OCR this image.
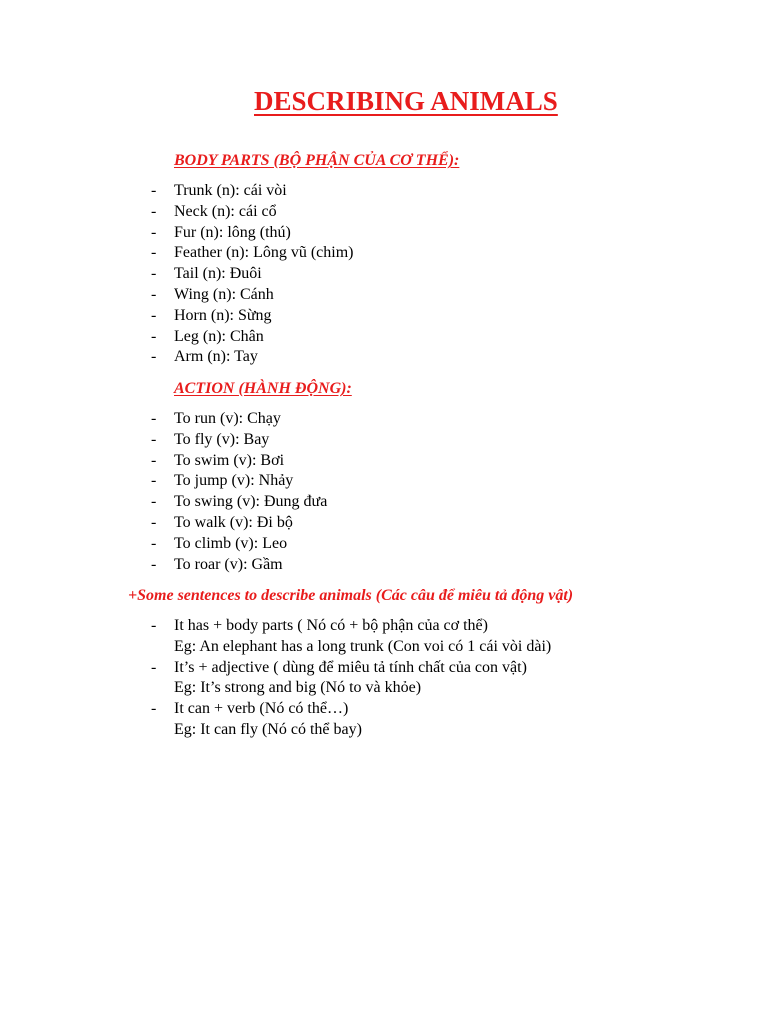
DESCRIBING ANIMALS
BODY PARTS (BỘ PHẬN CỦA CƠ THỂ):
- Trunk (n): cái vòi
- Neck (n): cái cổ
- Fur (n): lông (thú)
- Feather (n): Lông vũ (chim)
- Tail (n): Đuôi
- Wing (n): Cánh
- Horn (n): Sừng
- Leg (n): Chân
- Arm (n): Tay
ACTION (HÀNH ĐỘNG):
- To run (v): Chạy
- To fly (v): Bay
- To swim (v): Bơi
- To jump (v): Nhảy
- To swing (v): Đung đưa
- To walk (v): Đi bộ
- To climb (v): Leo
- To roar (v): Gầm
+Some sentences to describe animals (Các câu để miêu tả động vật)
- It has + body parts ( Nó có + bộ phận của cơ thể)
Eg: An elephant has a long trunk (Con voi có 1 cái vòi dài)
- It’s + adjective ( dùng để miêu tả tính chất của con vật)
Eg: It’s strong and big (Nó to và khỏe)
- It can + verb (Nó có thể…)
Eg: It can fly (Nó có thể bay)
